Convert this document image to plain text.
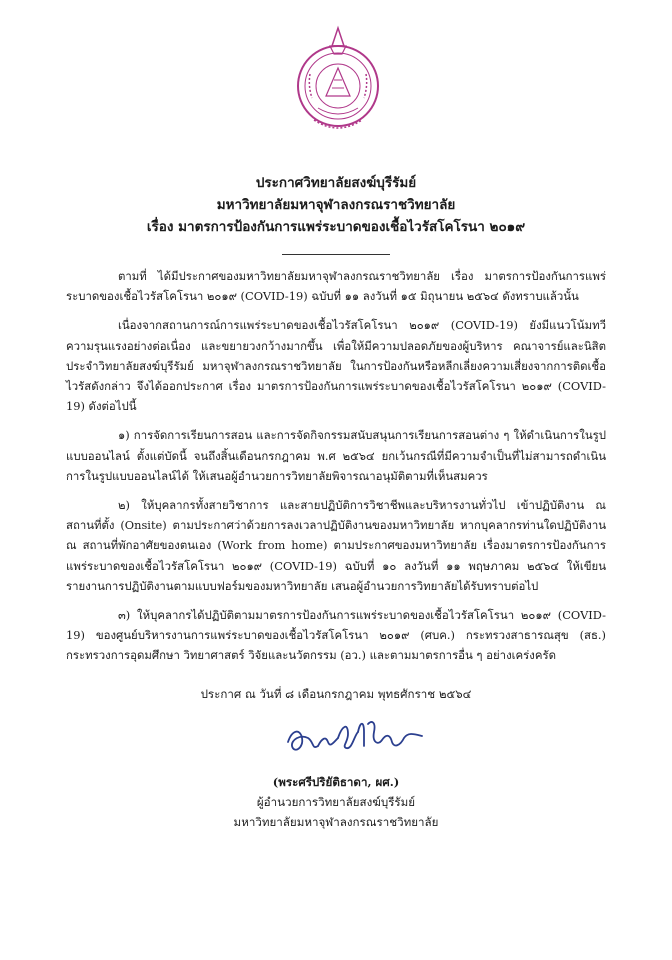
ประกาศวิทยาลัยสงฆ์บุรีรัมย์
มหาวิทยาลัยมหาจุฬาลงกรณราชวิทยาลัย
เรื่อง มาตรการป้องกันการแพร่ระบาดของเชื้อไวรัสโคโรนา ๒๐๑๙

ตามที่ ได้มีประกาศของมหาวิทยาลัยมหาจุฬาลงกรณราชวิทยาลัย เรื่อง มาตรการป้องกันการแพร่ระบาดของเชื้อไวรัสโคโรนา ๒๐๑๙ (COVID-19) ฉบับที่ ๑๑ ลงวันที่ ๑๕ มิถุนายน ๒๕๖๔ ดังทราบแล้วนั้น

เนื่องจากสถานการณ์การแพร่ระบาดของเชื้อไวรัสโคโรนา ๒๐๑๙ (COVID-19) ยังมีแนวโน้มทวีความรุนแรงอย่างต่อเนื่อง และขยายวงกว้างมากขึ้น เพื่อให้มีความปลอดภัยของผู้บริหาร คณาจารย์และนิสิตประจำวิทยาลัยสงฆ์บุรีรัมย์ มหาจุฬาลงกรณราชวิทยาลัย ในการป้องกันหรือหลีกเลี่ยงความเสี่ยงจากการติดเชื้อไวรัสดังกล่าว จึงได้ออกประกาศ เรื่อง มาตรการป้องกันการแพร่ระบาดของเชื้อไวรัสโคโรนา ๒๐๑๙ (COVID-19) ดังต่อไปนี้

๑) การจัดการเรียนการสอน และการจัดกิจกรรมสนับสนุนการเรียนการสอนต่าง ๆ ให้ดำเนินการในรูปแบบออนไลน์ ตั้งแต่บัดนี้ จนถึงสิ้นเดือนกรกฎาคม พ.ศ ๒๕๖๔ ยกเว้นกรณีที่มีความจำเป็นที่ไม่สามารถดำเนินการในรูปแบบออนไลน์ได้ ให้เสนอผู้อำนวยการวิทยาลัยพิจารณาอนุมัติตามที่เห็นสมควร

๒) ให้บุคลากรทั้งสายวิชาการ และสายปฏิบัติการวิชาชีพและบริหารงานทั่วไป เข้าปฏิบัติงาน ณ สถานที่ตั้ง (Onsite) ตามประกาศว่าด้วยการลงเวลาปฏิบัติงานของมหาวิทยาลัย หากบุคลากรท่านใดปฏิบัติงาน ณ สถานที่พักอาศัยของตนเอง (Work from home) ตามประกาศของมหาวิทยาลัย เรื่องมาตรการป้องกันการแพร่ระบาดของเชื้อไวรัสโคโรนา ๒๐๑๙ (COVID-19) ฉบับที่ ๑๐ ลงวันที่ ๑๑ พฤษภาคม ๒๕๖๔ ให้เขียนรายงานการปฏิบัติงานตามแบบฟอร์มของมหาวิทยาลัย เสนอผู้อำนวยการวิทยาลัยได้รับทราบต่อไป

๓) ให้บุคลากรได้ปฏิบัติตามมาตรการป้องกันการแพร่ระบาดของเชื้อไวรัสโคโรนา ๒๐๑๙ (COVID-19) ของศูนย์บริหารงานการแพร่ระบาดของเชื้อไวรัสโคโรนา ๒๐๑๙ (ศบค.) กระทรวงสาธารณสุข (สธ.) กระทรวงการอุดมศึกษา วิทยาศาสตร์ วิจัยและนวัตกรรม (อว.) และตามมาตรการอื่น ๆ อย่างเคร่งครัด

ประกาศ ณ วันที่ ๘ เดือนกรกฎาคม พุทธศักราช ๒๕๖๔
(พระศรีปริยัติธาดา, ผศ.)
ผู้อำนวยการวิทยาลัยสงฆ์บุรีรัมย์
มหาวิทยาลัยมหาจุฬาลงกรณราชวิทยาลัย
